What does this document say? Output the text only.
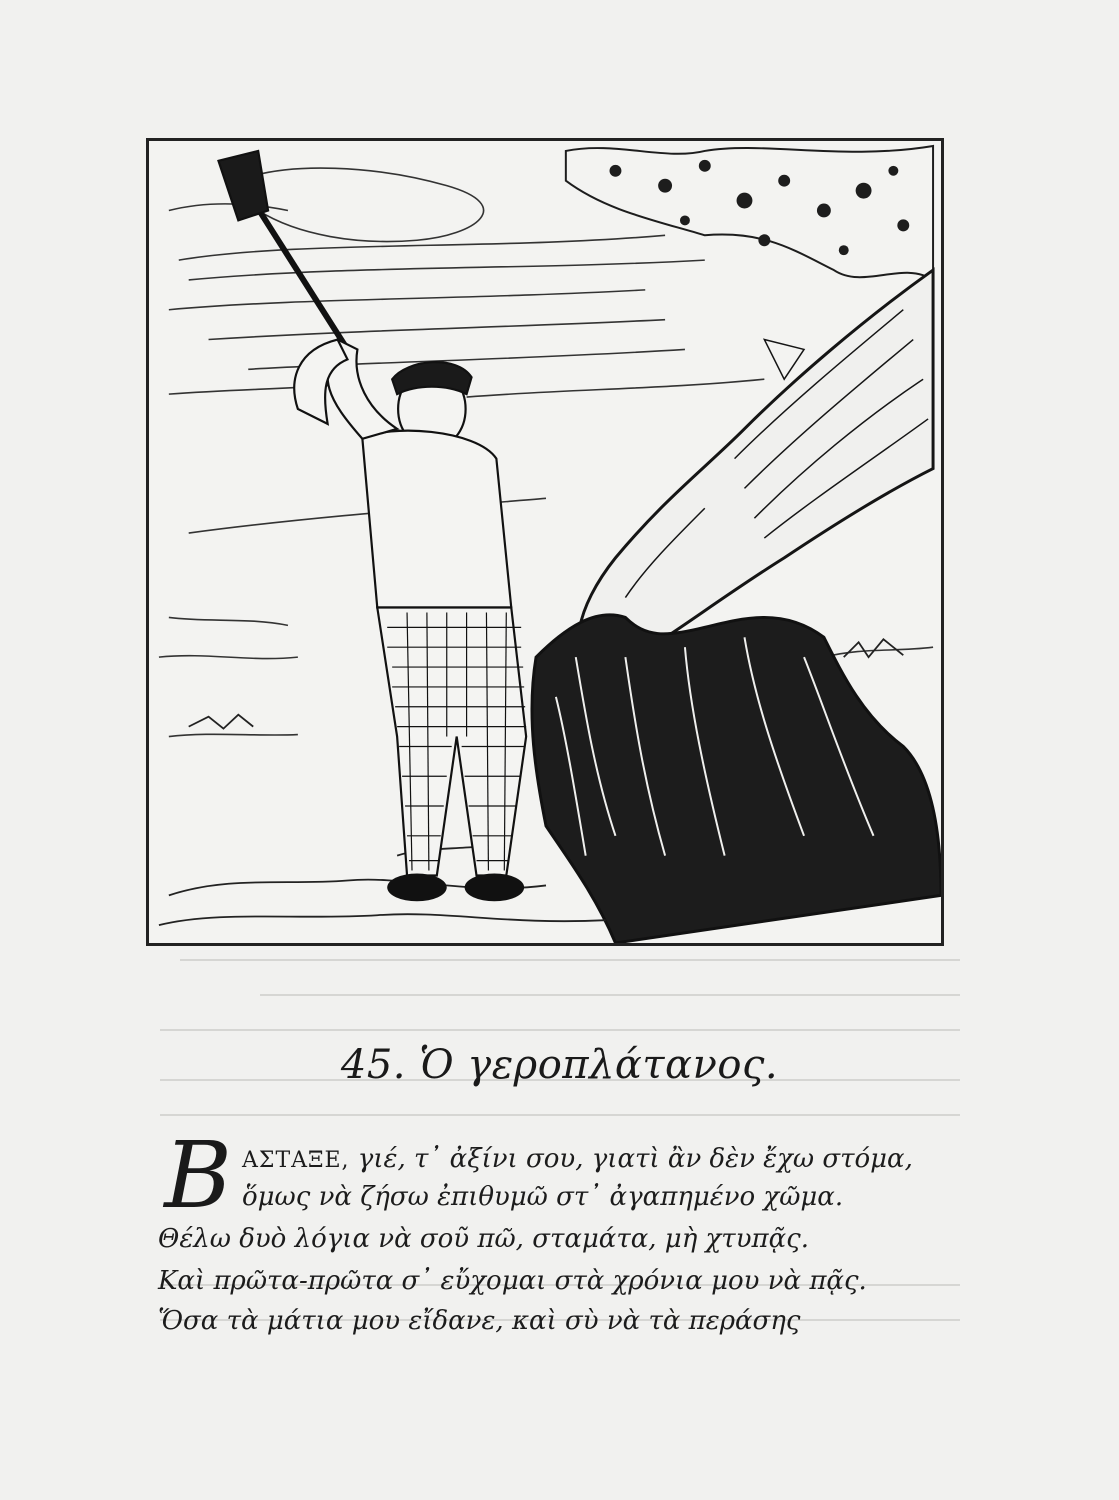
45. Ὁ γεροπλάτανος.
Β ΑΣΤΑΞΕ, γιέ, τ᾿ ἀξίνι σου, γιατὶ ἂν δὲν ἔχω στόμα,
ὅμως νὰ ζήσω ἐπιθυμῶ στ᾿ ἀγαπημένο χῶμα.
Θέλω δυὸ λόγια νὰ σοῦ πῶ, σταμάτα, μὴ χτυπᾷς.
Καὶ πρῶτα-πρῶτα σ᾿ εὔχομαι στὰ χρόνια μου νὰ πᾷς.
Ὅσα τὰ μάτια μου εἴδανε, καὶ σὺ νὰ τὰ περάσης
